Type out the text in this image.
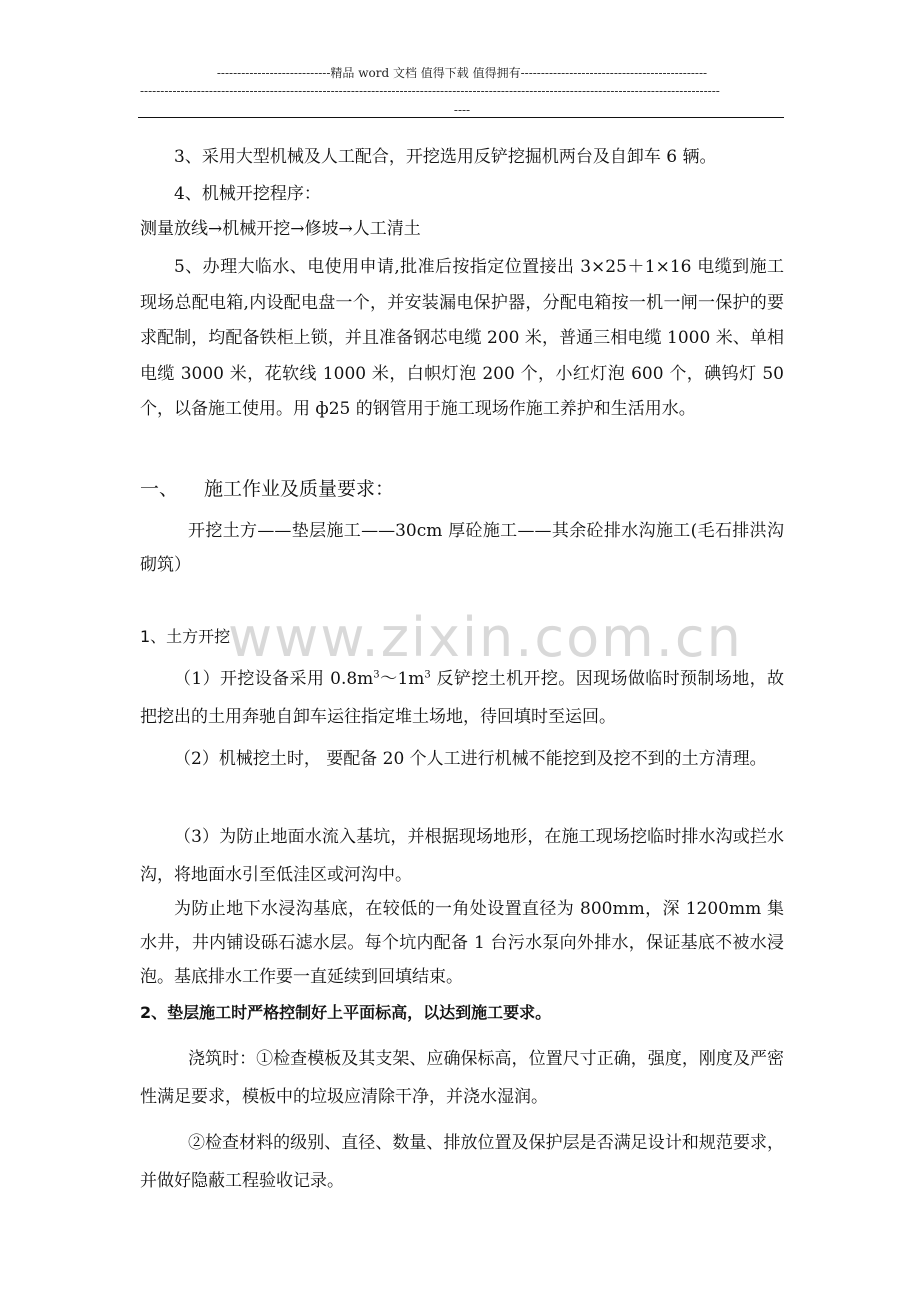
www.zixin.com.cn
----------------------------精品 word 文档 值得下载 值得拥有----------------------------------------------
-----------------------------------------------------------------------------------------------------------------------------------------------
----
3、采用大型机械及人工配合，开挖选用反铲挖掘机两台及自卸车 6 辆。
4、机械开挖程序：
测量放线→机械开挖→修坡→人工清土
5、办理大临水、电使用申请,批准后按指定位置接出 3×25＋1×16 电缆到施工现场总配电箱,内设配电盘一个，并安装漏电保护器，分配电箱按一机一闸一保护的要求配制，均配备铁柜上锁，并且准备钢芯电缆 200 米，普通三相电缆 1000 米、单相电缆 3000 米，花软线 1000 米，白帜灯泡 200 个，小红灯泡 600 个，碘钨灯 50 个，以备施工使用。用 ф25 的钢管用于施工现场作施工养护和生活用水。
一、 施工作业及质量要求：
开挖土方——垫层施工——30cm 厚砼施工——其余砼排水沟施工(毛石排洪沟砌筑）
1、土方开挖
（1）开挖设备采用 $0.8m^3\sim 1m^3$ 反铲挖土机开挖。因现场做临时预制场地，故把挖出的土用奔驰自卸车运往指定堆土场地，待回填时至运回。
（2）机械挖土时， 要配备 20 个人工进行机械不能挖到及挖不到的土方清理。
（3）为防止地面水流入基坑，并根据现场地形，在施工现场挖临时排水沟或拦水沟，将地面水引至低洼区或河沟中。
为防止地下水浸沟基底，在较低的一角处设置直径为 800mm，深 1200mm 集水井，井内铺设砾石滤水层。每个坑内配备 1 台污水泵向外排水，保证基底不被水浸泡。基底排水工作要一直延续到回填结束。
2、垫层施工时严格控制好上平面标高，以达到施工要求。
浇筑时：①检查模板及其支架、应确保标高，位置尺寸正确，强度，刚度及严密性满足要求，模板中的垃圾应清除干净，并浇水湿润。
②检查材料的级别、直径、数量、排放位置及保护层是否满足设计和规范要求，并做好隐蔽工程验收记录。
